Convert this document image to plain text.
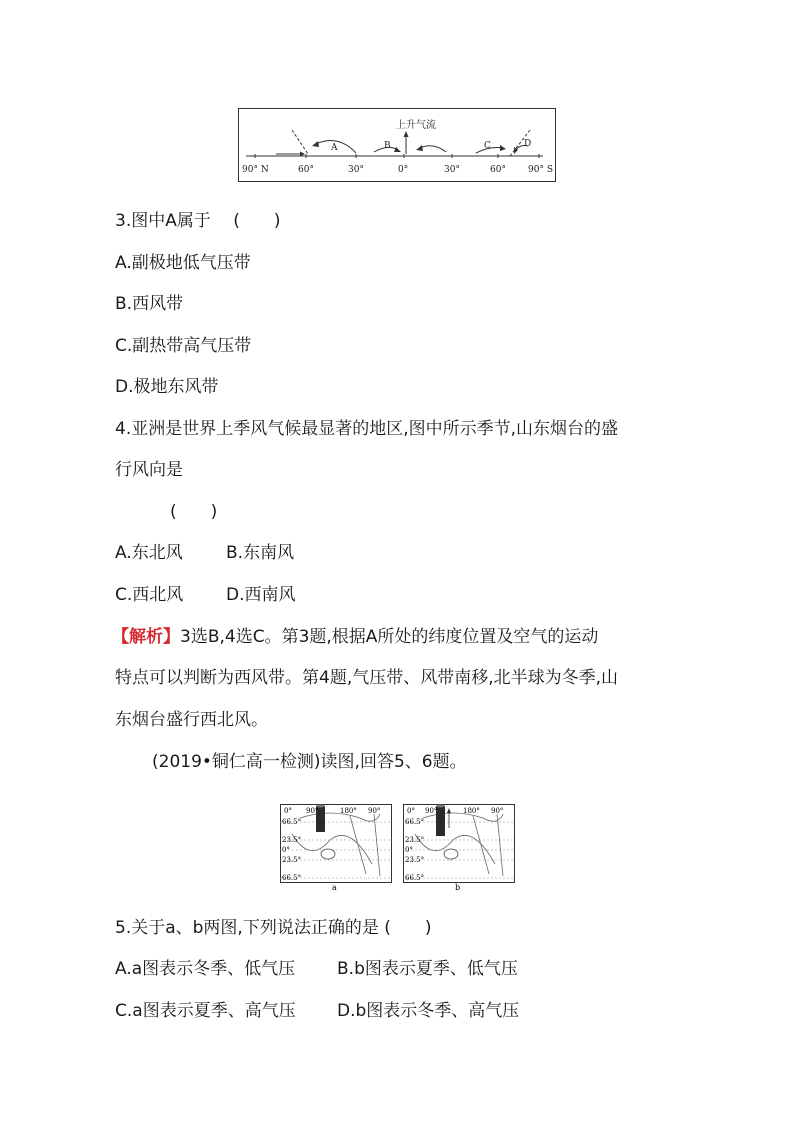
上升气流
A	B	C	D
90° N	60°	30°	0°	30°	60° 90° S
3.图中A属于　 (　　)
A.副极地低气压带
B.西风带
C.副热带高气压带
D.极地东风带
4.亚洲是世界上季风气候最显著的地区,图中所示季节,山东烟台的盛
行风向是
(　　)
A.东北风	B.东南风
C.西北风	D.西南风
【解析】3选B,4选C。第3题,根据A所处的纬度位置及空气的运动
特点可以判断为西风带。第4题,气压带、风带南移,北半球为冬季,山
东烟台盛行西北风。
(2019•铜仁高一检测)读图,回答5、6题。
0° 90°	180° 90°
66.5°
23.5°
0°
23.5°
66.5°
a
0° 90°	180° 90°
66.5°
23.5°
0°
23.5°
66.5°
b
5.关于a、b两图,下列说法正确的是 (　　)
A.a图表示冬季、低气压 B.b图表示夏季、低气压
C.a图表示夏季、高气压 D.b图表示冬季、高气压
